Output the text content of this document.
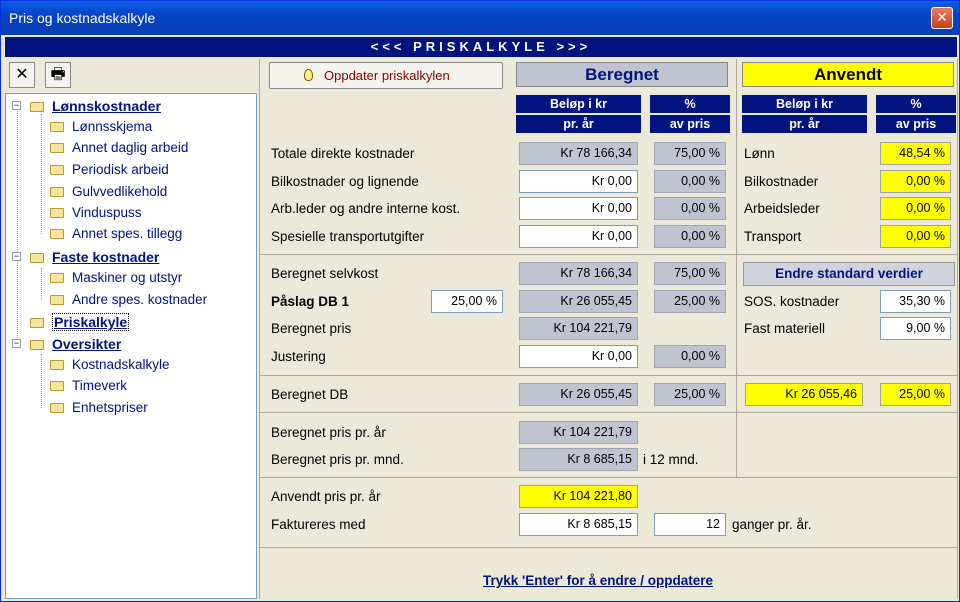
Pris og kostnadskalkyle	✕
<<< PRISKALKYLE >>>
✕	🖶
− Lønnskostnader
Lønnsskjema
Annet daglig arbeid
Periodisk arbeid
Gulvvedlikehold
Vinduspuss
Annet spes. tillegg
− Faste kostnader
Maskiner og utstyr
Andre spes. kostnader
Priskalkyle
− Oversikter
Kostnadskalkyle
Timeverk
Enhetspriser
Oppdater priskalkylen	Beregnet	Anvendt
Beløp i kr
pr. år
%
av pris
Beløp i kr
pr. år
%
av pris
Totale direkte kostnader	Kr 78 166,34	75,00 %	Lønn	48,54 %
Bilkostnader og lignende	Kr 0,00	0,00 %	Bilkostnader	0,00 %
Arb.leder og andre interne kost.	Kr 0,00	0,00 %	Arbeidsleder	0,00 %
Spesielle transportutgifter	Kr 0,00	0,00 %	Transport	0,00 %
Beregnet selvkost	Kr 78 166,34	75,00 %
Påslag DB 1	25,00 %	Kr 26 055,45	25,00 %
Beregnet pris	Kr 104 221,79
Justering	Kr 0,00	0,00 %
Endre standard verdier
SOS. kostnader	35,30 %
Fast materiell	9,00 %
Beregnet DB	Kr 26 055,45	25,00 %	Kr 26 055,46	25,00 %
Beregnet pris pr. år	Kr 104 221,79
Beregnet pris pr. mnd.	Kr 8 685,15 i 12 mnd.
Anvendt pris pr. år	Kr 104 221,80
Faktureres med	Kr 8 685,15	12 ganger pr. år.
Trykk 'Enter' for å endre / oppdatere
